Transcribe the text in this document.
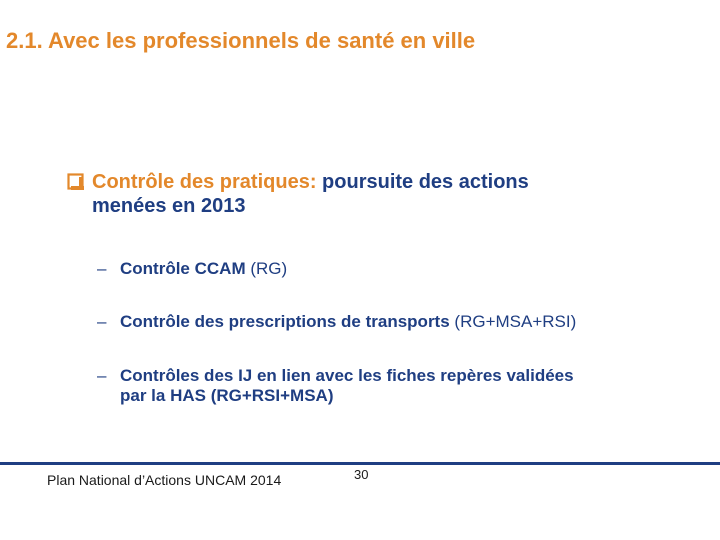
2.1. Avec les professionnels de santé en ville
Contrôle des pratiques: poursuite des actions
menées en 2013
– Contrôle CCAM (RG)
– Contrôle des prescriptions de transports (RG+MSA+RSI)
– Contrôles des IJ en lien avec les fiches repères validées
par la HAS (RG+RSI+MSA)
Plan National d’Actions UNCAM 2014	30
